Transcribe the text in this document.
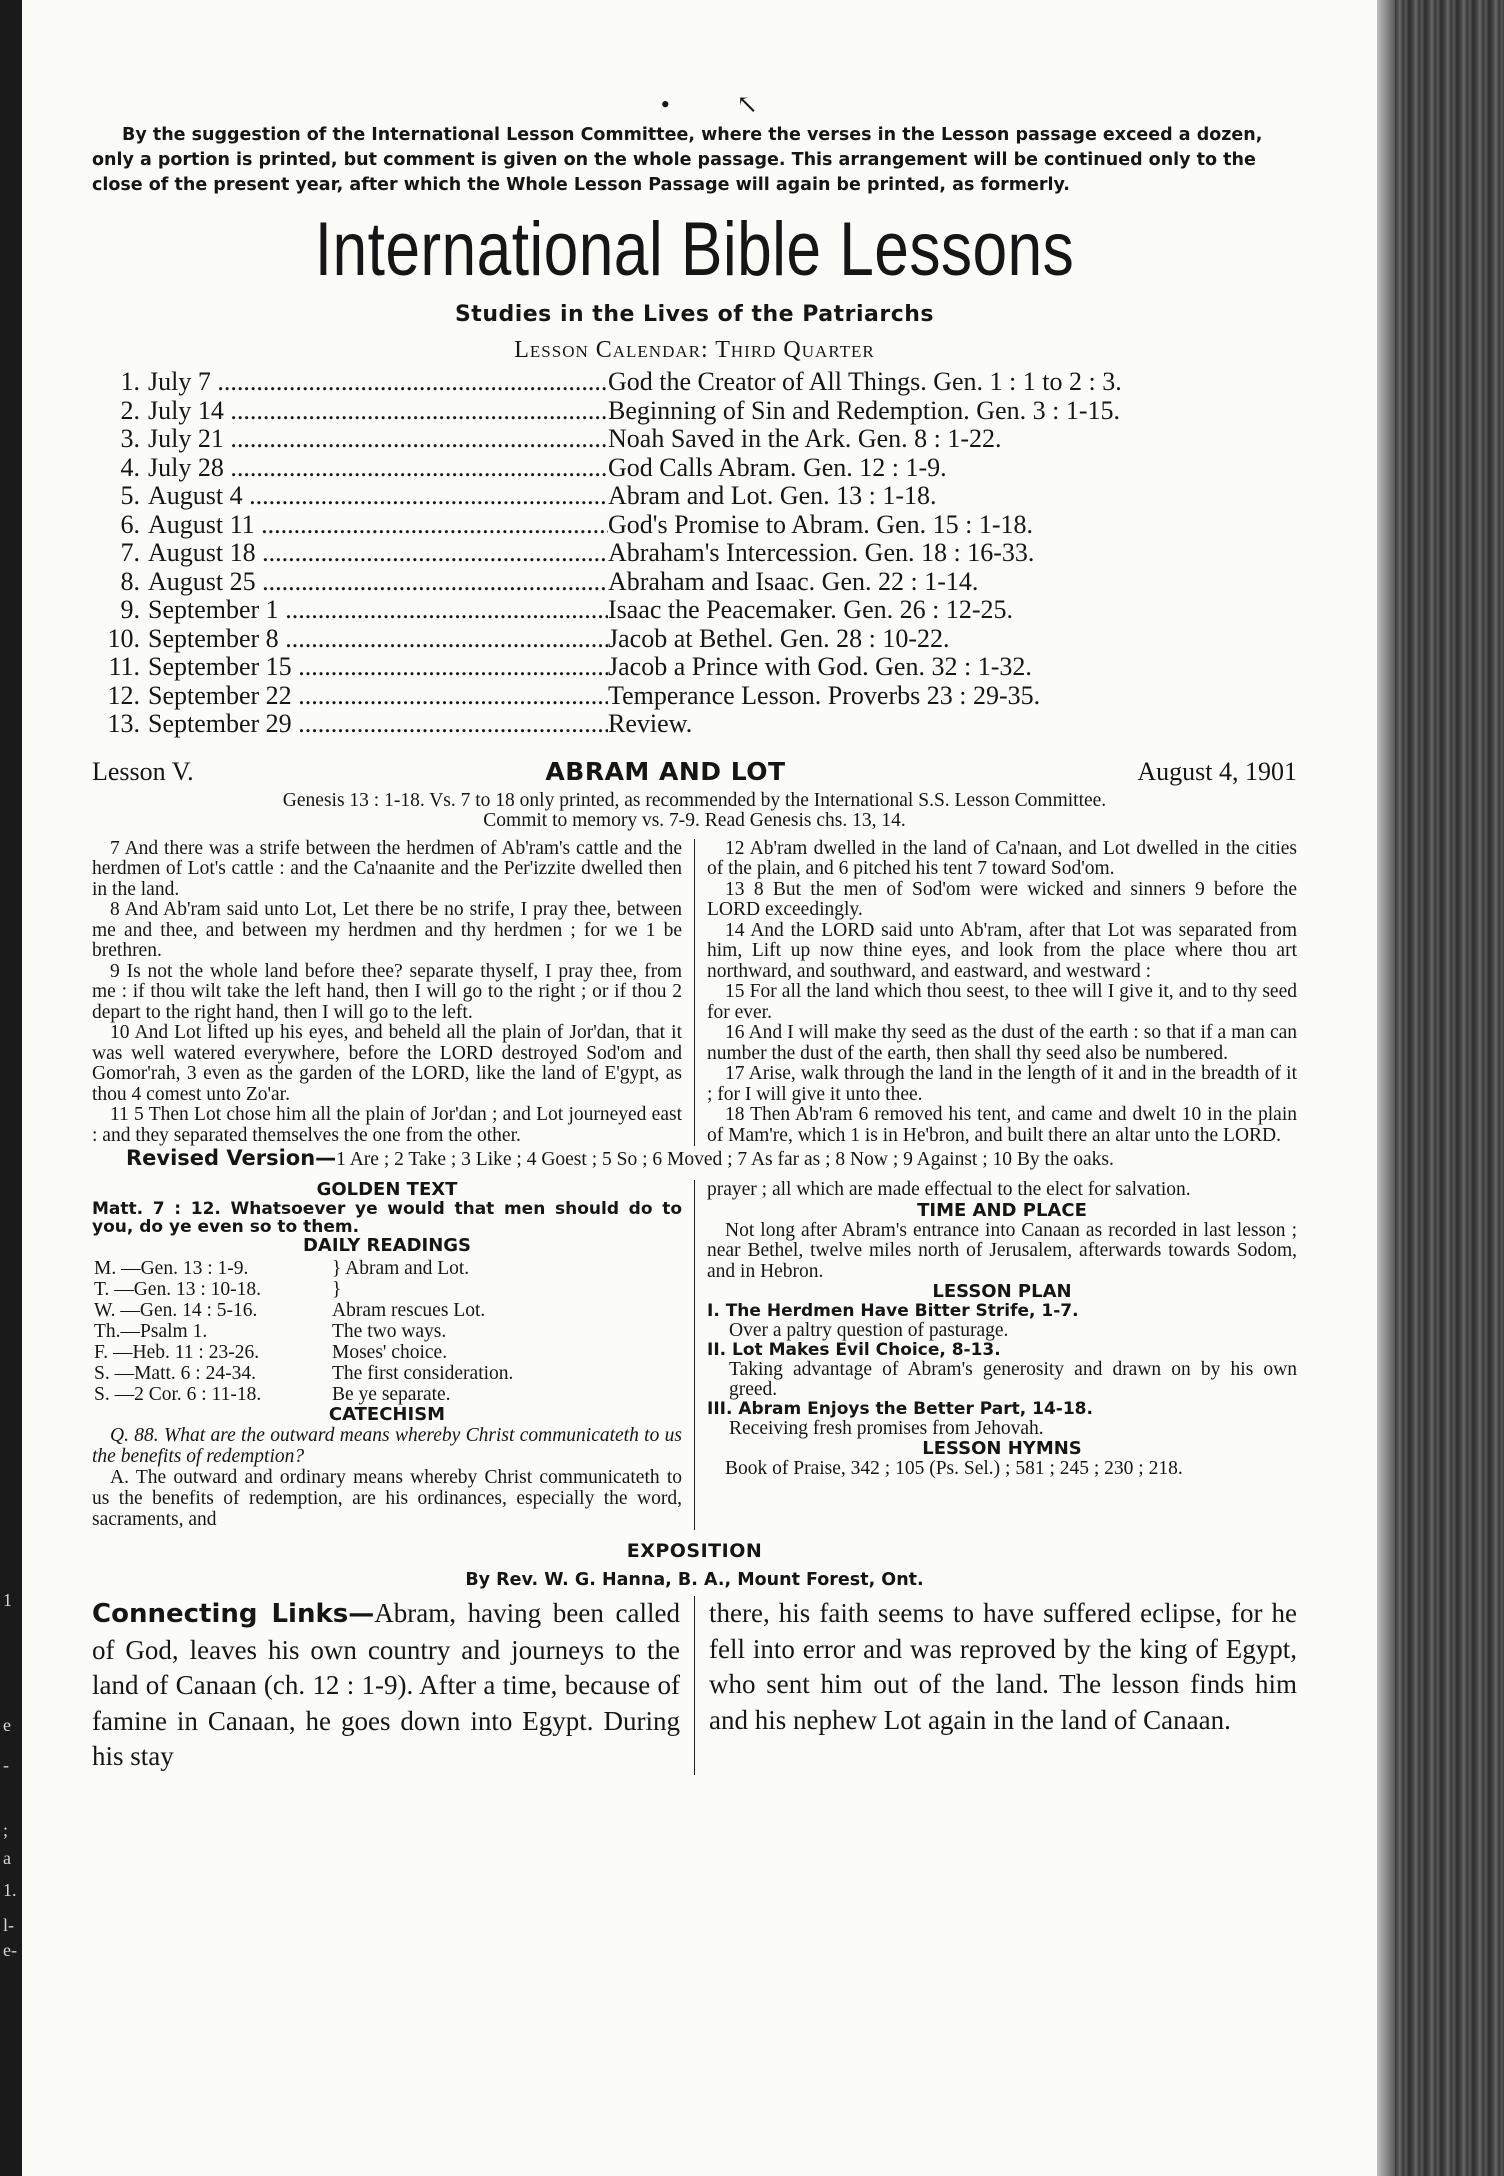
1
e
-
;
a
1.
l-
e-
• ↖

By the suggestion of the International Lesson Committee, where the verses in the Lesson passage exceed a dozen, only a portion is printed, but comment is given on the whole passage. This arrangement will be continued only to the close of the present year, after which the Whole Lesson Passage will again be printed, as formerly.

International Bible Lessons
Studies in the Lives of the Patriarchs
Lesson Calendar: Third Quarter
1. July 7 .....	God the Creator of All Things. Gen. 1 : 1 to 2 : 3.
2. July 14 .....	Beginning of Sin and Redemption. Gen. 3 : 1-15.
3. July 21 .....	Noah Saved in the Ark. Gen. 8 : 1-22.
4. July 28 .....	God Calls Abram. Gen. 12 : 1-9.
5. August 4 .....	Abram and Lot. Gen. 13 : 1-18.
6. August 11 .....	God's Promise to Abram. Gen. 15 : 1-18.
7. August 18 .....	Abraham's Intercession. Gen. 18 : 16-33.
8. August 25 .....	Abraham and Isaac. Gen. 22 : 1-14.
9. September 1 .....	Isaac the Peacemaker. Gen. 26 : 12-25.
10. September 8 .....	Jacob at Bethel. Gen. 28 : 10-22.
11. September 15 .....	Jacob a Prince with God. Gen. 32 : 1-32.
12. September 22 .....	Temperance Lesson. Proverbs 23 : 29-35.
13. September 29 .....	Review.
Lesson V.	ABRAM AND LOT	August 4, 1901
Genesis 13 : 1-18. Vs. 7 to 18 only printed, as recommended by the International S.S. Lesson Committee.
Commit to memory vs. 7-9. Read Genesis chs. 13, 14.

7 And there was a strife between the herdmen of Ab'ram's cattle and the herdmen of Lot's cattle : and the Ca'naanite and the Per'izzite dwelled then in the land.

8 And Ab'ram said unto Lot, Let there be no strife, I pray thee, between me and thee, and between my herdmen and thy herdmen ; for we 1 be brethren.

9 Is not the whole land before thee? separate thyself, I pray thee, from me : if thou wilt take the left hand, then I will go to the right ; or if thou 2 depart to the right hand, then I will go to the left.

10 And Lot lifted up his eyes, and beheld all the plain of Jor'dan, that it was well watered everywhere, before the LORD destroyed Sod'om and Gomor'rah, 3 even as the garden of the LORD, like the land of E'gypt, as thou 4 comest unto Zo'ar.

11 5 Then Lot chose him all the plain of Jor'dan ; and Lot journeyed east : and they separated themselves the one from the other.

12 Ab'ram dwelled in the land of Ca'naan, and Lot dwelled in the cities of the plain, and 6 pitched his tent 7 toward Sod'om.

13 8 But the men of Sod'om were wicked and sinners 9 before the LORD exceedingly.

14 And the LORD said unto Ab'ram, after that Lot was separated from him, Lift up now thine eyes, and look from the place where thou art northward, and southward, and eastward, and westward :

15 For all the land which thou seest, to thee will I give it, and to thy seed for ever.

16 And I will make thy seed as the dust of the earth : so that if a man can number the dust of the earth, then shall thy seed also be numbered.

17 Arise, walk through the land in the length of it and in the breadth of it ; for I will give it unto thee.

18 Then Ab'ram 6 removed his tent, and came and dwelt 10 in the plain of Mam're, which 1 is in He'bron, and built there an altar unto the LORD.

Revised Version—1 Are ; 2 Take ; 3 Like ; 4 Goest ; 5 So ; 6 Moved ; 7 As far as ; 8 Now ; 9 Against ; 10 By the oaks.
GOLDEN TEXT
Matt. 7 : 12. Whatsoever ye would that men should do to you, do ye even so to them.
DAILY READINGS
M. —Gen. 13 : 1-9.	} Abram and Lot.
T. —Gen. 13 : 10-18.	}
W. —Gen. 14 : 5-16.	Abram rescues Lot.
Th.—Psalm 1.	The two ways.
F. —Heb. 11 : 23-26.	Moses' choice.
S. —Matt. 6 : 24-34.	The first consideration.
S. —2 Cor. 6 : 11-18.	Be ye separate.
CATECHISM

Q. 88. What are the outward means whereby Christ communicateth to us the benefits of redemption?

A. The outward and ordinary means whereby Christ communicateth to us the benefits of redemption, are his ordinances, especially the word, sacraments, and

prayer ; all which are made effectual to the elect for salvation.

TIME AND PLACE

Not long after Abram's entrance into Canaan as recorded in last lesson ; near Bethel, twelve miles north of Jerusalem, afterwards towards Sodom, and in Hebron.

LESSON PLAN
I. The Herdmen Have Bitter Strife, 1-7.
Over a paltry question of pasturage.
II. Lot Makes Evil Choice, 8-13.
Taking advantage of Abram's generosity and drawn on by his own greed.
III. Abram Enjoys the Better Part, 14-18.
Receiving fresh promises from Jehovah.
LESSON HYMNS

Book of Praise, 342 ; 105 (Ps. Sel.) ; 581 ; 245 ; 230 ; 218.

EXPOSITION
By Rev. W. G. Hanna, B. A., Mount Forest, Ont.
Connecting Links—Abram, having been called of God, leaves his own country and journeys to the land of Canaan (ch. 12 : 1-9). After a time, because of famine in Canaan, he goes down into Egypt. During his stay
there, his faith seems to have suffered eclipse, for he fell into error and was reproved by the king of Egypt, who sent him out of the land. The lesson finds him and his nephew Lot again in the land of Canaan.
